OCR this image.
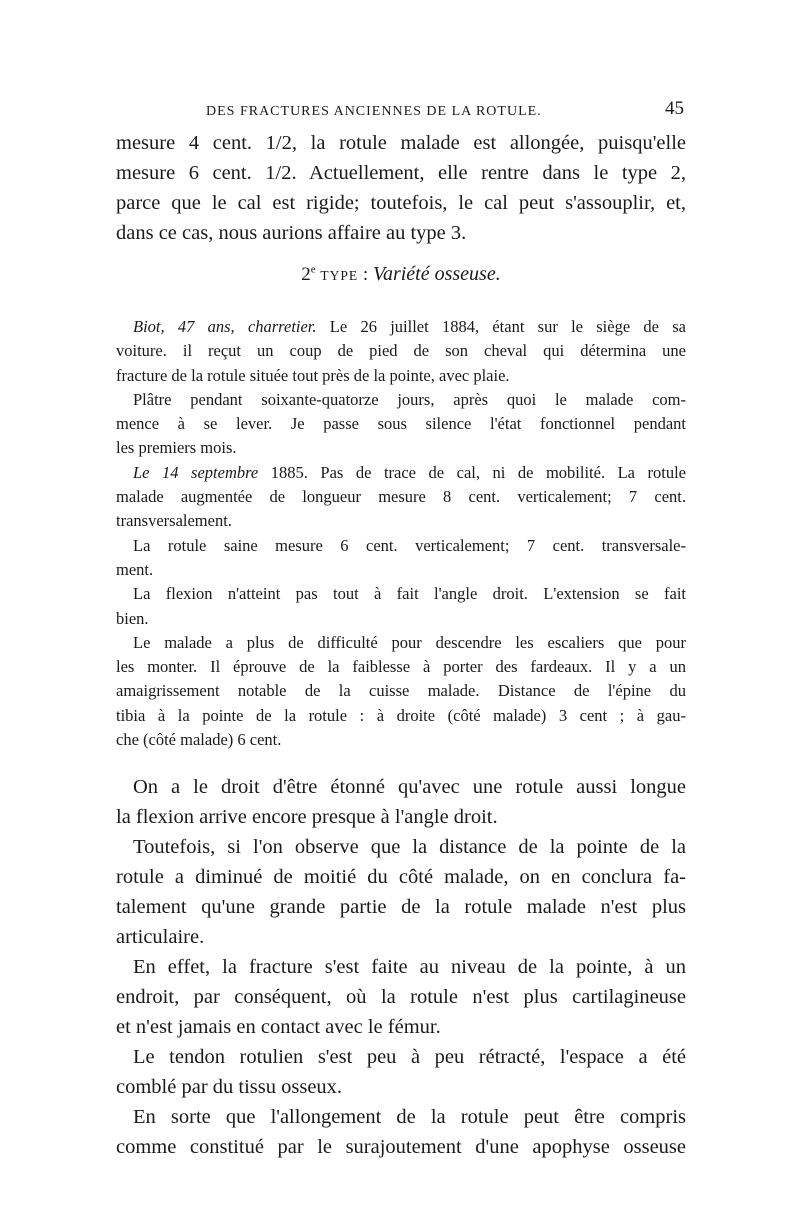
DES FRACTURES ANCIENNES DE LA ROTULE.	45
mesure 4 cent. 1/2, la rotule malade est allongée, puisqu'elle
mesure 6 cent. 1/2. Actuellement, elle rentre dans le type 2,
parce que le cal est rigide; toutefois, le cal peut s'assouplir, et,
dans ce cas, nous aurions affaire au type 3.
2e TYPE : Variété osseuse.
Biot, 47 ans, charretier. Le 26 juillet 1884, étant sur le siège de sa
voiture. il reçut un coup de pied de son cheval qui détermina une
fracture de la rotule située tout près de la pointe, avec plaie.
Plâtre pendant soixante-quatorze jours, après quoi le malade com-
mence à se lever. Je passe sous silence l'état fonctionnel pendant
les premiers mois.
Le 14 septembre 1885. Pas de trace de cal, ni de mobilité. La rotule
malade augmentée de longueur mesure 8 cent. verticalement; 7 cent.
transversalement.
La rotule saine mesure 6 cent. verticalement; 7 cent. transversale-
ment.
La flexion n'atteint pas tout à fait l'angle droit. L'extension se fait
bien.
Le malade a plus de difficulté pour descendre les escaliers que pour
les monter. Il éprouve de la faiblesse à porter des fardeaux. Il y a un
amaigrissement notable de la cuisse malade. Distance de l'épine du
tibia à la pointe de la rotule : à droite (côté malade) 3 cent ; à gau-
che (côté malade) 6 cent.
On a le droit d'être étonné qu'avec une rotule aussi longue
la flexion arrive encore presque à l'angle droit.
Toutefois, si l'on observe que la distance de la pointe de la
rotule a diminué de moitié du côté malade, on en conclura fa-
talement qu'une grande partie de la rotule malade n'est plus
articulaire.
En effet, la fracture s'est faite au niveau de la pointe, à un
endroit, par conséquent, où la rotule n'est plus cartilagineuse
et n'est jamais en contact avec le fémur.
Le tendon rotulien s'est peu à peu rétracté, l'espace a été
comblé par du tissu osseux.
En sorte que l'allongement de la rotule peut être compris
comme constitué par le surajoutement d'une apophyse osseuse
